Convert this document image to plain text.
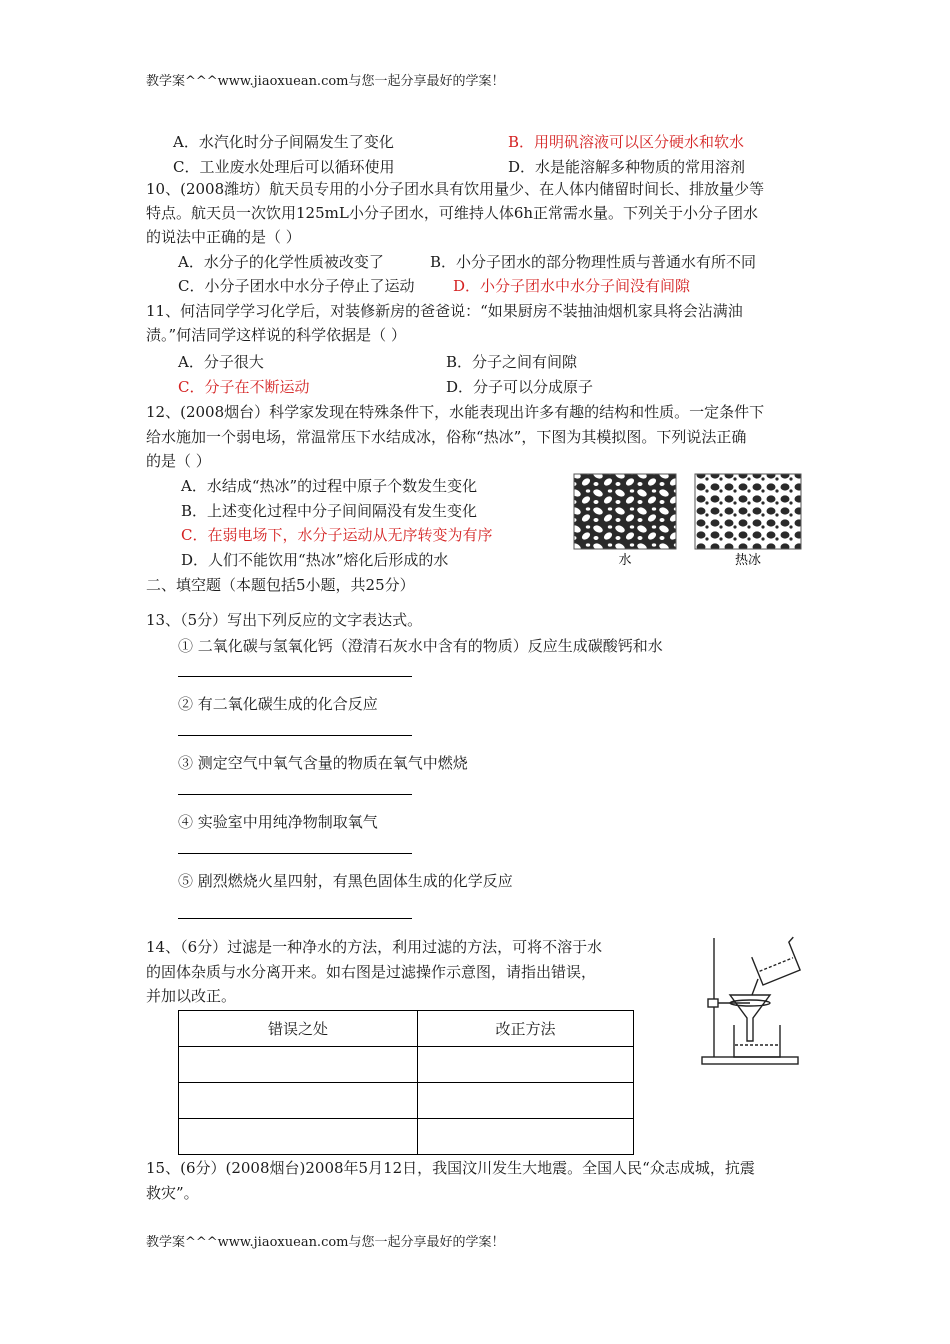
教学案^^^www.jiaoxuean.com与您一起分享最好的学案！
A．水汽化时分子间隔发生了变化	B．用明矾溶液可以区分硬水和软水
C．工业废水处理后可以循环使用	D．水是能溶解多种物质的常用溶剂
10、(2008潍坊）航天员专用的小分子团水具有饮用量少、在人体内储留时间长、排放量少等
特点。航天员一次饮用125mL小分子团水，可维持人体6h正常需水量。下列关于小分子团水
的说法中正确的是（ ）
A．水分子的化学性质被改变了	B．小分子团水的部分物理性质与普通水有所不同
C．小分子团水中水分子停止了运动	D．小分子团水中水分子间没有间隙
11、何洁同学学习化学后，对装修新房的爸爸说：“如果厨房不装抽油烟机家具将会沾满油
渍。”何洁同学这样说的科学依据是（ ）
A．分子很大	B．分子之间有间隙
C．分子在不断运动	D．分子可以分成原子
12、(2008烟台）科学家发现在特殊条件下，水能表现出许多有趣的结构和性质。一定条件下
给水施加一个弱电场，常温常压下水结成冰，俗称“热冰”，下图为其模拟图。下列说法正确
的是（ ）
A．水结成“热冰”的过程中原子个数发生变化
B．上述变化过程中分子间间隔没有发生变化
C．在弱电场下，水分子运动从无序转变为有序
D．人们不能饮用“热冰”熔化后形成的水	水	热冰
二、填空题（本题包括5小题，共25分）
13、（5分）写出下列反应的文字表达式。
① 二氧化碳与氢氧化钙（澄清石灰水中含有的物质）反应生成碳酸钙和水
② 有二氧化碳生成的化合反应
③ 测定空气中氧气含量的物质在氧气中燃烧
④ 实验室中用纯净物制取氧气
⑤ 剧烈燃烧火星四射，有黑色固体生成的化学反应
14、（6分）过滤是一种净水的方法，利用过滤的方法，可将不溶于水
的固体杂质与水分离开来。如右图是过滤操作示意图，请指出错误，
并加以改正。
错误之处	改正方法

15、(6分）(2008烟台)2008年5月12日，我国汶川发生大地震。全国人民“众志成城，抗震
救灾”。
教学案^^^www.jiaoxuean.com与您一起分享最好的学案！
